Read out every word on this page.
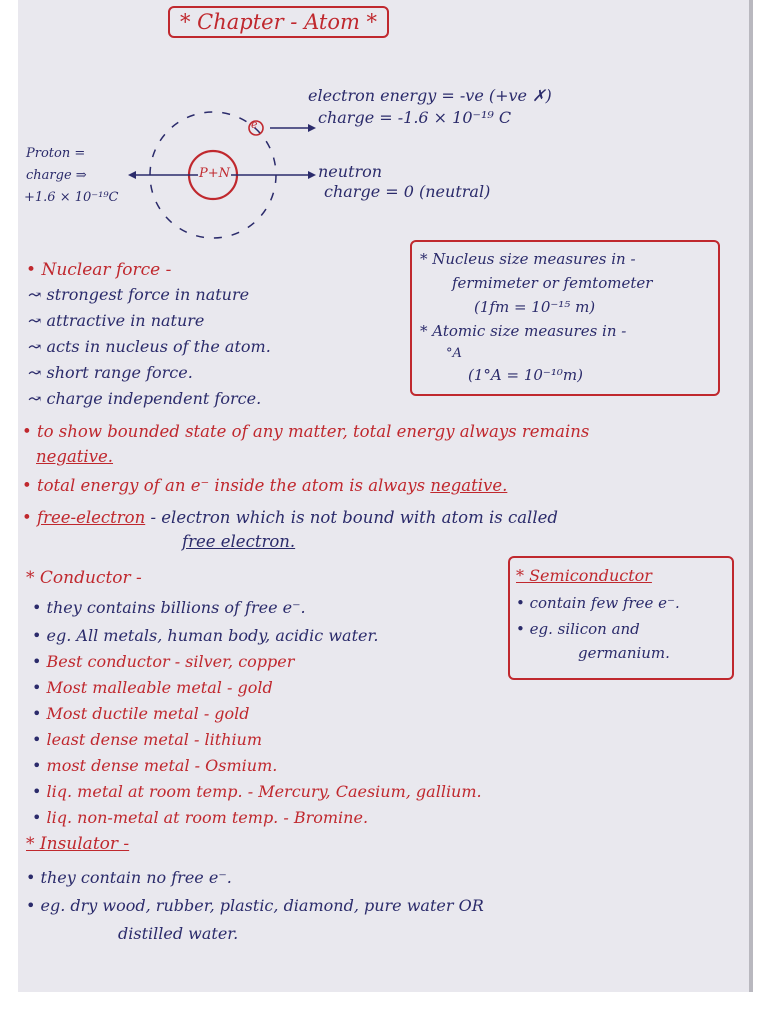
* Chapter - Atom *
e
P+N
electron energy = -ve (+ve ✗)
charge = -1.6 × 10⁻¹⁹ C
Proton =
charge ⇒
+1.6 × 10⁻¹⁹C
neutron
charge = 0 (neutral)
• Nuclear force -
↝ strongest force in nature
↝ attractive in nature
↝ acts in nucleus of the atom.
↝ short range force.
↝ charge independent force.
* Nucleus size measures in -
fermimeter or femtometer
(1fm = 10⁻¹⁵ m)
* Atomic size measures in -
°A
(1°A = 10⁻¹⁰m)
• to show bounded state of any matter, total energy always remains
negative.
• total energy of an e⁻ inside the atom is always negative.
• free-electron - electron which is not bound with atom is called
free electron.
* Conductor -
• they contains billions of free e⁻.
• eg. All metals, human body, acidic water.
• Best conductor - silver, copper
• Most malleable metal - gold
• Most ductile metal - gold
• least dense metal - lithium
• most dense metal - Osmium.
• liq. metal at room temp. - Mercury, Caesium, gallium.
• liq. non-metal at room temp. - Bromine.
* Semiconductor
• contain few free e⁻.
• eg. silicon and
germanium.
* Insulator -
• they contain no free e⁻.
• eg. dry wood, rubber, plastic, diamond, pure water OR
distilled water.
